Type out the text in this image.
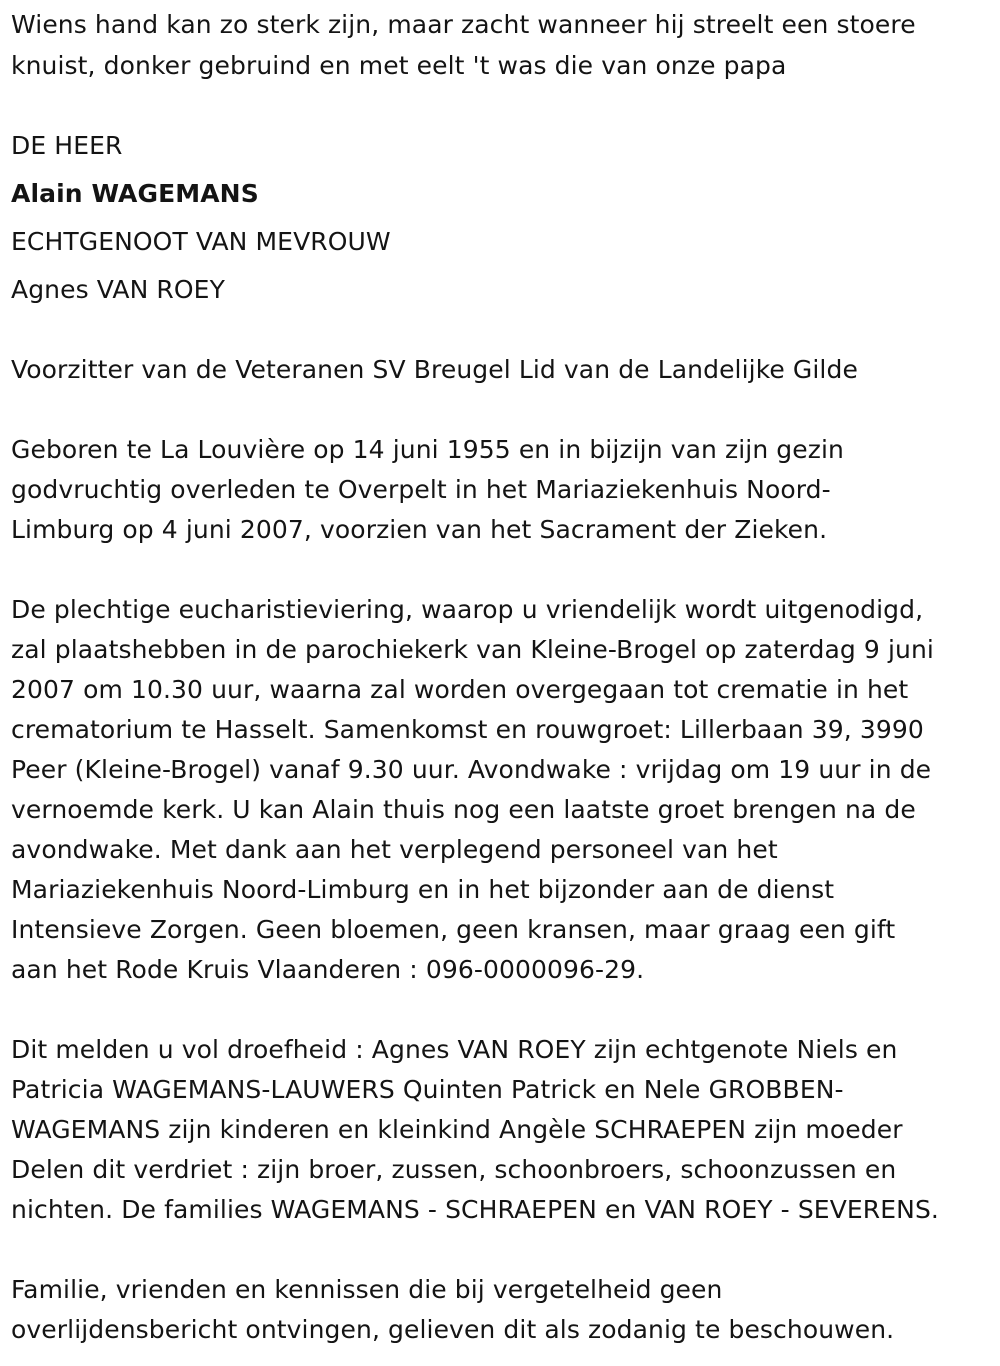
Wiens hand kan zo sterk zijn, maar zacht wanneer hij streelt een stoere
knuist, donker gebruind en met eelt 't was die van onze papa
DE HEER
Alain WAGEMANS
ECHTGENOOT VAN MEVROUW
Agnes VAN ROEY
Voorzitter van de Veteranen SV Breugel Lid van de Landelijke Gilde
Geboren te La Louvière op 14 juni 1955 en in bijzijn van zijn gezin
godvruchtig overleden te Overpelt in het Mariaziekenhuis Noord-
Limburg op 4 juni 2007, voorzien van het Sacrament der Zieken.
De plechtige eucharistieviering, waarop u vriendelijk wordt uitgenodigd,
zal plaatshebben in de parochiekerk van Kleine-Brogel op zaterdag 9 juni
2007 om 10.30 uur, waarna zal worden overgegaan tot crematie in het
crematorium te Hasselt. Samenkomst en rouwgroet: Lillerbaan 39, 3990
Peer (Kleine-Brogel) vanaf 9.30 uur. Avondwake : vrijdag om 19 uur in de
vernoemde kerk. U kan Alain thuis nog een laatste groet brengen na de
avondwake. Met dank aan het verplegend personeel van het
Mariaziekenhuis Noord-Limburg en in het bijzonder aan de dienst
Intensieve Zorgen. Geen bloemen, geen kransen, maar graag een gift
aan het Rode Kruis Vlaanderen : 096-0000096-29.
Dit melden u vol droefheid : Agnes VAN ROEY zijn echtgenote Niels en
Patricia WAGEMANS-LAUWERS Quinten Patrick en Nele GROBBEN-
WAGEMANS zijn kinderen en kleinkind Angèle SCHRAEPEN zijn moeder
Delen dit verdriet : zijn broer, zussen, schoonbroers, schoonzussen en
nichten. De families WAGEMANS - SCHRAEPEN en VAN ROEY - SEVERENS.
Familie, vrienden en kennissen die bij vergetelheid geen
overlijdensbericht ontvingen, gelieven dit als zodanig te beschouwen.
